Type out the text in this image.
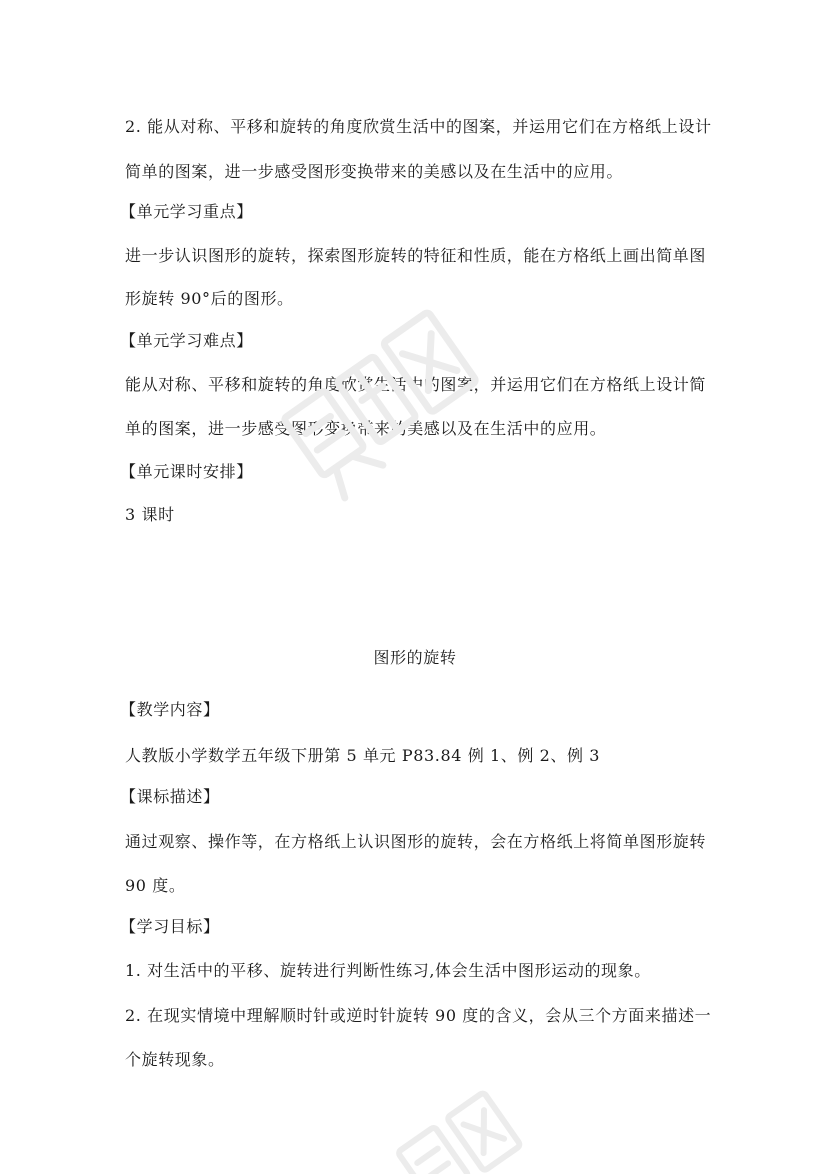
2. 能从对称、平移和旋转的角度欣赏生活中的图案，并运用它们在方格纸上设计
简单的图案，进一步感受图形变换带来的美感以及在生活中的应用。
【单元学习重点】
进一步认识图形的旋转，探索图形旋转的特征和性质，能在方格纸上画出简单图
形旋转 90°后的图形。
【单元学习难点】
能从对称、平移和旋转的角度欣赏生活中的图案，并运用它们在方格纸上设计简
单的图案，进一步感受图形变换带来的美感以及在生活中的应用。
【单元课时安排】
3 课时
图形的旋转
【教学内容】
人教版小学数学五年级下册第 5 单元 P83.84 例 1、例 2、例 3
【课标描述】
通过观察、操作等，在方格纸上认识图形的旋转，会在方格纸上将简单图形旋转
90 度。
【学习目标】
1. 对生活中的平移、旋转进行判断性练习,体会生活中图形运动的现象。
2. 在现实情境中理解顺时针或逆时针旋转 90 度的含义，会从三个方面来描述一
个旋转现象。
